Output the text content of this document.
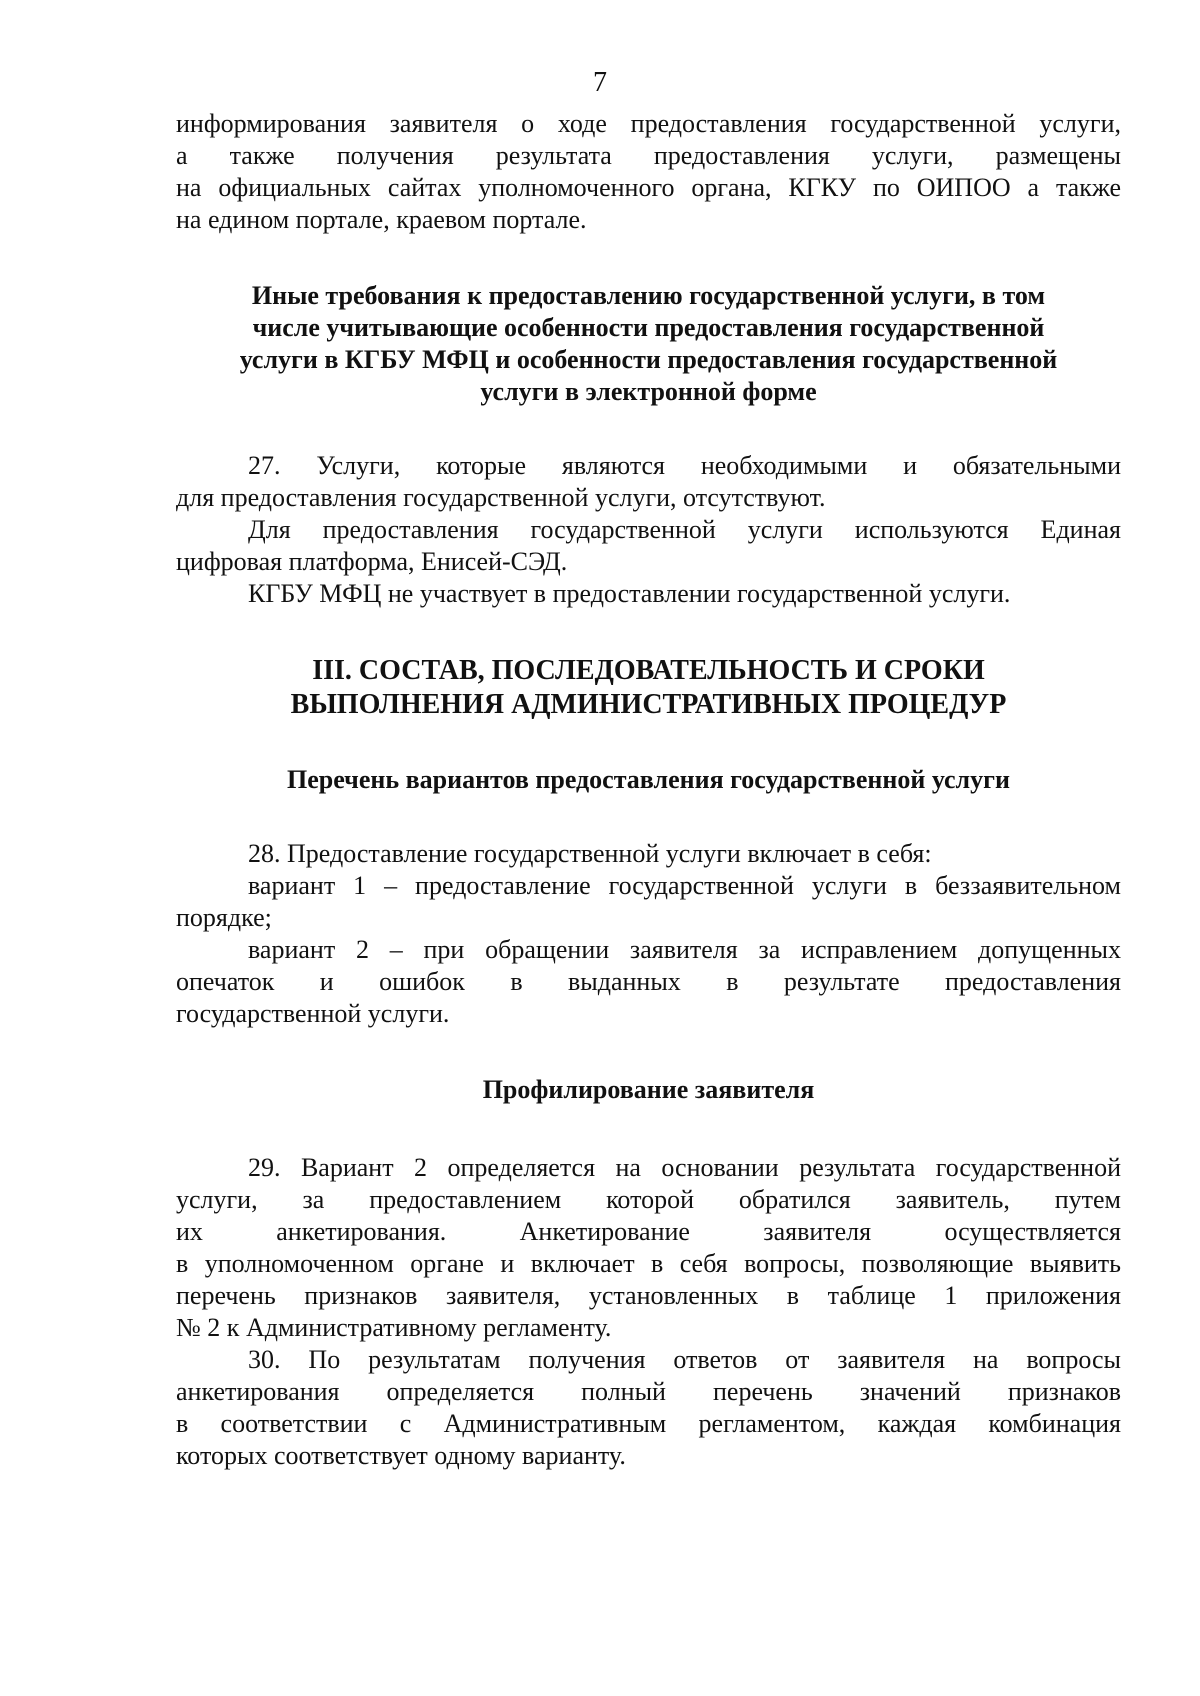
7

информирования заявителя о ходе предоставления государственной услуги,

а также получения результата предоставления услуги, размещены

на официальных сайтах уполномоченного органа, КГКУ по ОИПОО а также

на едином портале, краевом портале.

Иные требования к предоставлению государственной услуги, в том

числе учитывающие особенности предоставления государственной

услуги в КГБУ МФЦ и особенности предоставления государственной

услуги в электронной форме

27. Услуги, которые являются необходимыми и обязательными

для предоставления государственной услуги, отсутствуют.

Для предоставления государственной услуги используются Единая

цифровая платформа, Енисей-СЭД.

КГБУ МФЦ не участвует в предоставлении государственной услуги.

III. СОСТАВ, ПОСЛЕДОВАТЕЛЬНОСТЬ И СРОКИ

ВЫПОЛНЕНИЯ АДМИНИСТРАТИВНЫХ ПРОЦЕДУР

Перечень вариантов предоставления государственной услуги

28. Предоставление государственной услуги включает в себя:

вариант 1 – предоставление государственной услуги в беззаявительном

порядке;

вариант 2 – при обращении заявителя за исправлением допущенных

опечаток и ошибок в выданных в результате предоставления

государственной услуги.

Профилирование заявителя

29. Вариант 2 определяется на основании результата государственной

услуги, за предоставлением которой обратился заявитель, путем

их анкетирования. Анкетирование заявителя осуществляется

в уполномоченном органе и включает в себя вопросы, позволяющие выявить

перечень признаков заявителя, установленных в таблице 1 приложения

№ 2 к Административному регламенту.

30. По результатам получения ответов от заявителя на вопросы

анкетирования определяется полный перечень значений признаков

в соответствии с Административным регламентом, каждая комбинация

которых соответствует одному варианту.
